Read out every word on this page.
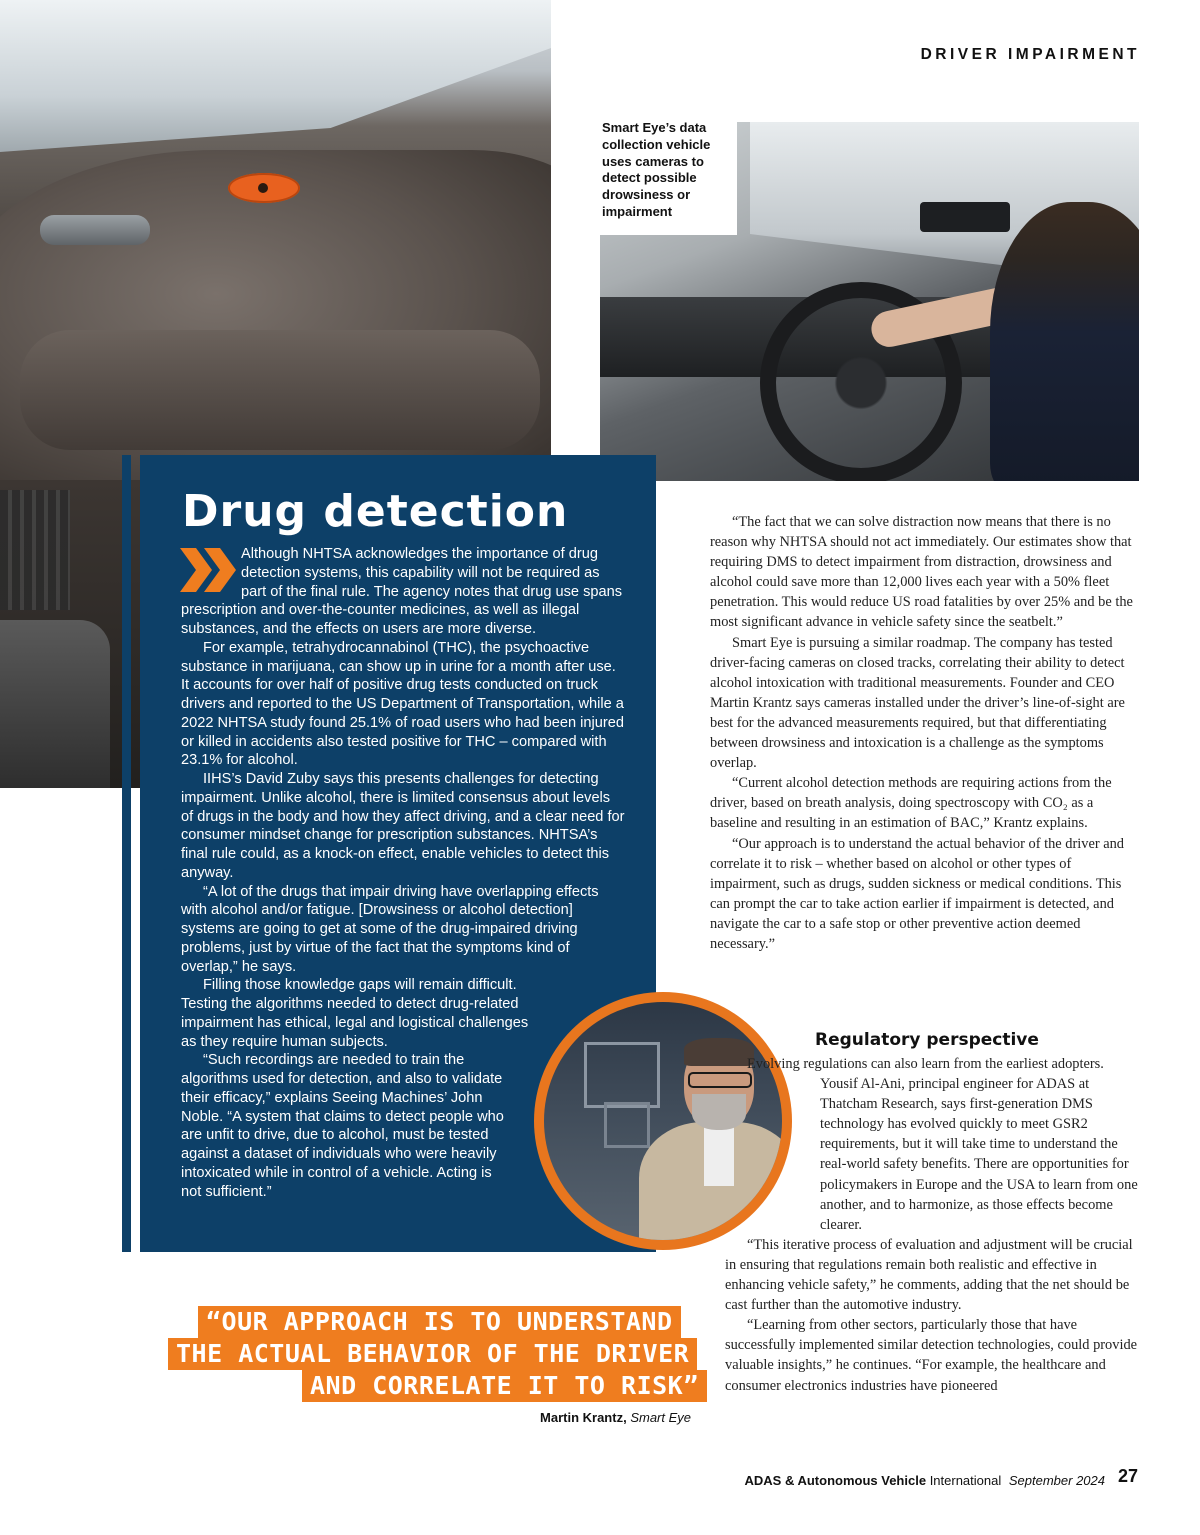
DRIVER IMPAIRMENT
Smart Eye’s data collection vehicle uses cameras to detect possible drowsiness or impairment
Drug detection

Although NHTSA acknowledges the importance of drug detection systems, this capability will not be required as part of the final rule. The agency notes that drug use spans prescription and over-the-counter medicines, as well as illegal substances, and the effects on users are more diverse.

For example, tetrahydrocannabinol (THC), the psychoactive substance in marijuana, can show up in urine for a month after use. It accounts for over half of positive drug tests conducted on truck drivers and reported to the US Department of Transportation, while a 2022 NHTSA study found 25.1% of road users who had been injured or killed in accidents also tested positive for THC – compared with 23.1% for alcohol.

IIHS’s David Zuby says this presents challenges for detecting impairment. Unlike alcohol, there is limited consensus about levels of drugs in the body and how they affect driving, and a clear need for consumer mindset change for prescription substances. NHTSA’s final rule could, as a knock-on effect, enable vehicles to detect this anyway.

“A lot of the drugs that impair driving have overlapping effects with alcohol and/or fatigue. [Drowsiness or alcohol detection] systems are going to get at some of the drug-impaired driving problems, just by virtue of the fact that the symptoms kind of overlap,” he says.

Filling those knowledge gaps will remain difficult. Testing the algorithms needed to detect drug-related impairment has ethical, legal and logistical challenges as they require human subjects.

“Such recordings are needed to train the algorithms used for detection, and also to validate their efficacy,” explains Seeing Machines’ John Noble. “A system that claims to detect people who are unfit to drive, due to alcohol, must be tested against a dataset of individuals who were heavily intoxicated while in control of a vehicle. Acting is not sufficient.”

“The fact that we can solve distraction now means that there is no reason why NHTSA should not act immediately. Our estimates show that requiring DMS to detect impairment from distraction, drowsiness and alcohol could save more than 12,000 lives each year with a 50% fleet penetration. This would reduce US road fatalities by over 25% and be the most significant advance in vehicle safety since the seatbelt.”

Smart Eye is pursuing a similar roadmap. The company has tested driver-facing cameras on closed tracks, correlating their ability to detect alcohol intoxication with traditional measurements. Founder and CEO Martin Krantz says cameras installed under the driver’s line-of-sight are best for the advanced measurements required, but that differentiating between drowsiness and intoxication is a challenge as the symptoms overlap.

“Current alcohol detection methods are requiring actions from the driver, based on breath analysis, doing spectroscopy with CO₂ as a baseline and resulting in an estimation of BAC,” Krantz explains.

“Our approach is to understand the actual behavior of the driver and correlate it to risk – whether based on alcohol or other types of impairment, such as drugs, sudden sickness or medical conditions. This can prompt the car to take action earlier if impairment is detected, and navigate the car to a safe stop or other preventive action deemed necessary.”

Regulatory perspective

Evolving regulations can also learn from the earliest adopters. Yousif Al-Ani, principal engineer for ADAS at Thatcham Research, says first-generation DMS technology has evolved quickly to meet GSR2 requirements, but it will take time to understand the real-world safety benefits. There are opportunities for policymakers in Europe and the USA to learn from one another, and to harmonize, as those effects become clearer.

“This iterative process of evaluation and adjustment will be crucial in ensuring that regulations remain both realistic and effective in enhancing vehicle safety,” he comments, adding that the net should be cast further than the automotive industry.

“Learning from other sectors, particularly those that have successfully implemented similar detection technologies, could provide valuable insights,” he continues. “For example, the healthcare and consumer electronics industries have pioneered

“OUR APPROACH IS TO UNDERSTAND
THE ACTUAL BEHAVIOR OF THE DRIVER
AND CORRELATE IT TO RISK”
Martin Krantz, Smart Eye
ADAS & Autonomous Vehicle International September 2024 27
